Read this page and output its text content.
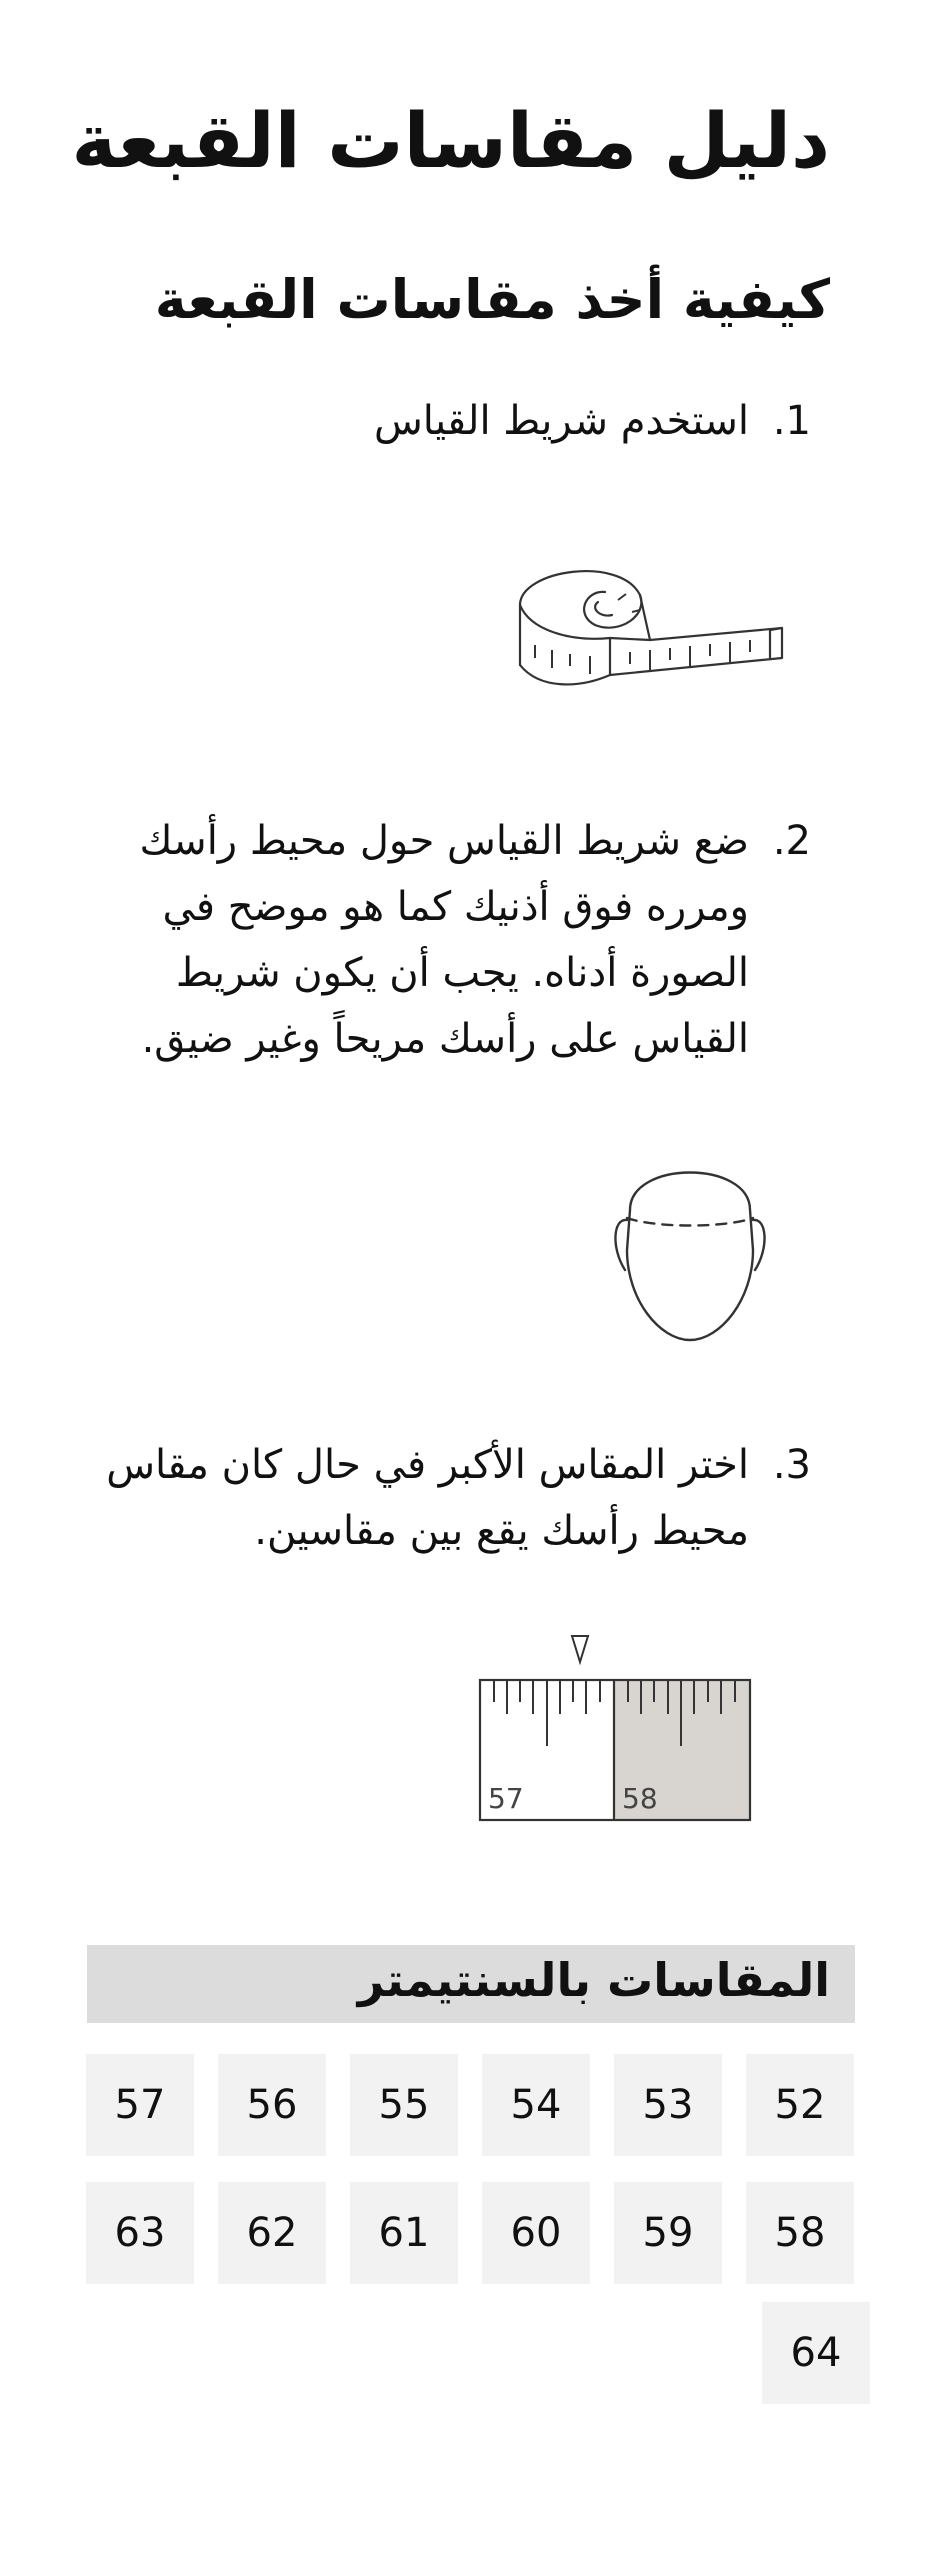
دليل مقاسات القبعة
كيفية أخذ مقاسات القبعة
1.
استخدم شريط القياس
2.
ضع شريط القياس حول محيط رأسك ومرره فوق أذنيك كما هو موضح في الصورة أدناه. يجب أن يكون شريط القياس على رأسك مريحاً وغير ضيق.
3.
اختر المقاس الأكبر في حال كان مقاس محيط رأسك يقع بين مقاسين.
57	58
المقاسات بالسنتيمتر
52
53
54
55
56
57
58
59
60
61
62
63
64
